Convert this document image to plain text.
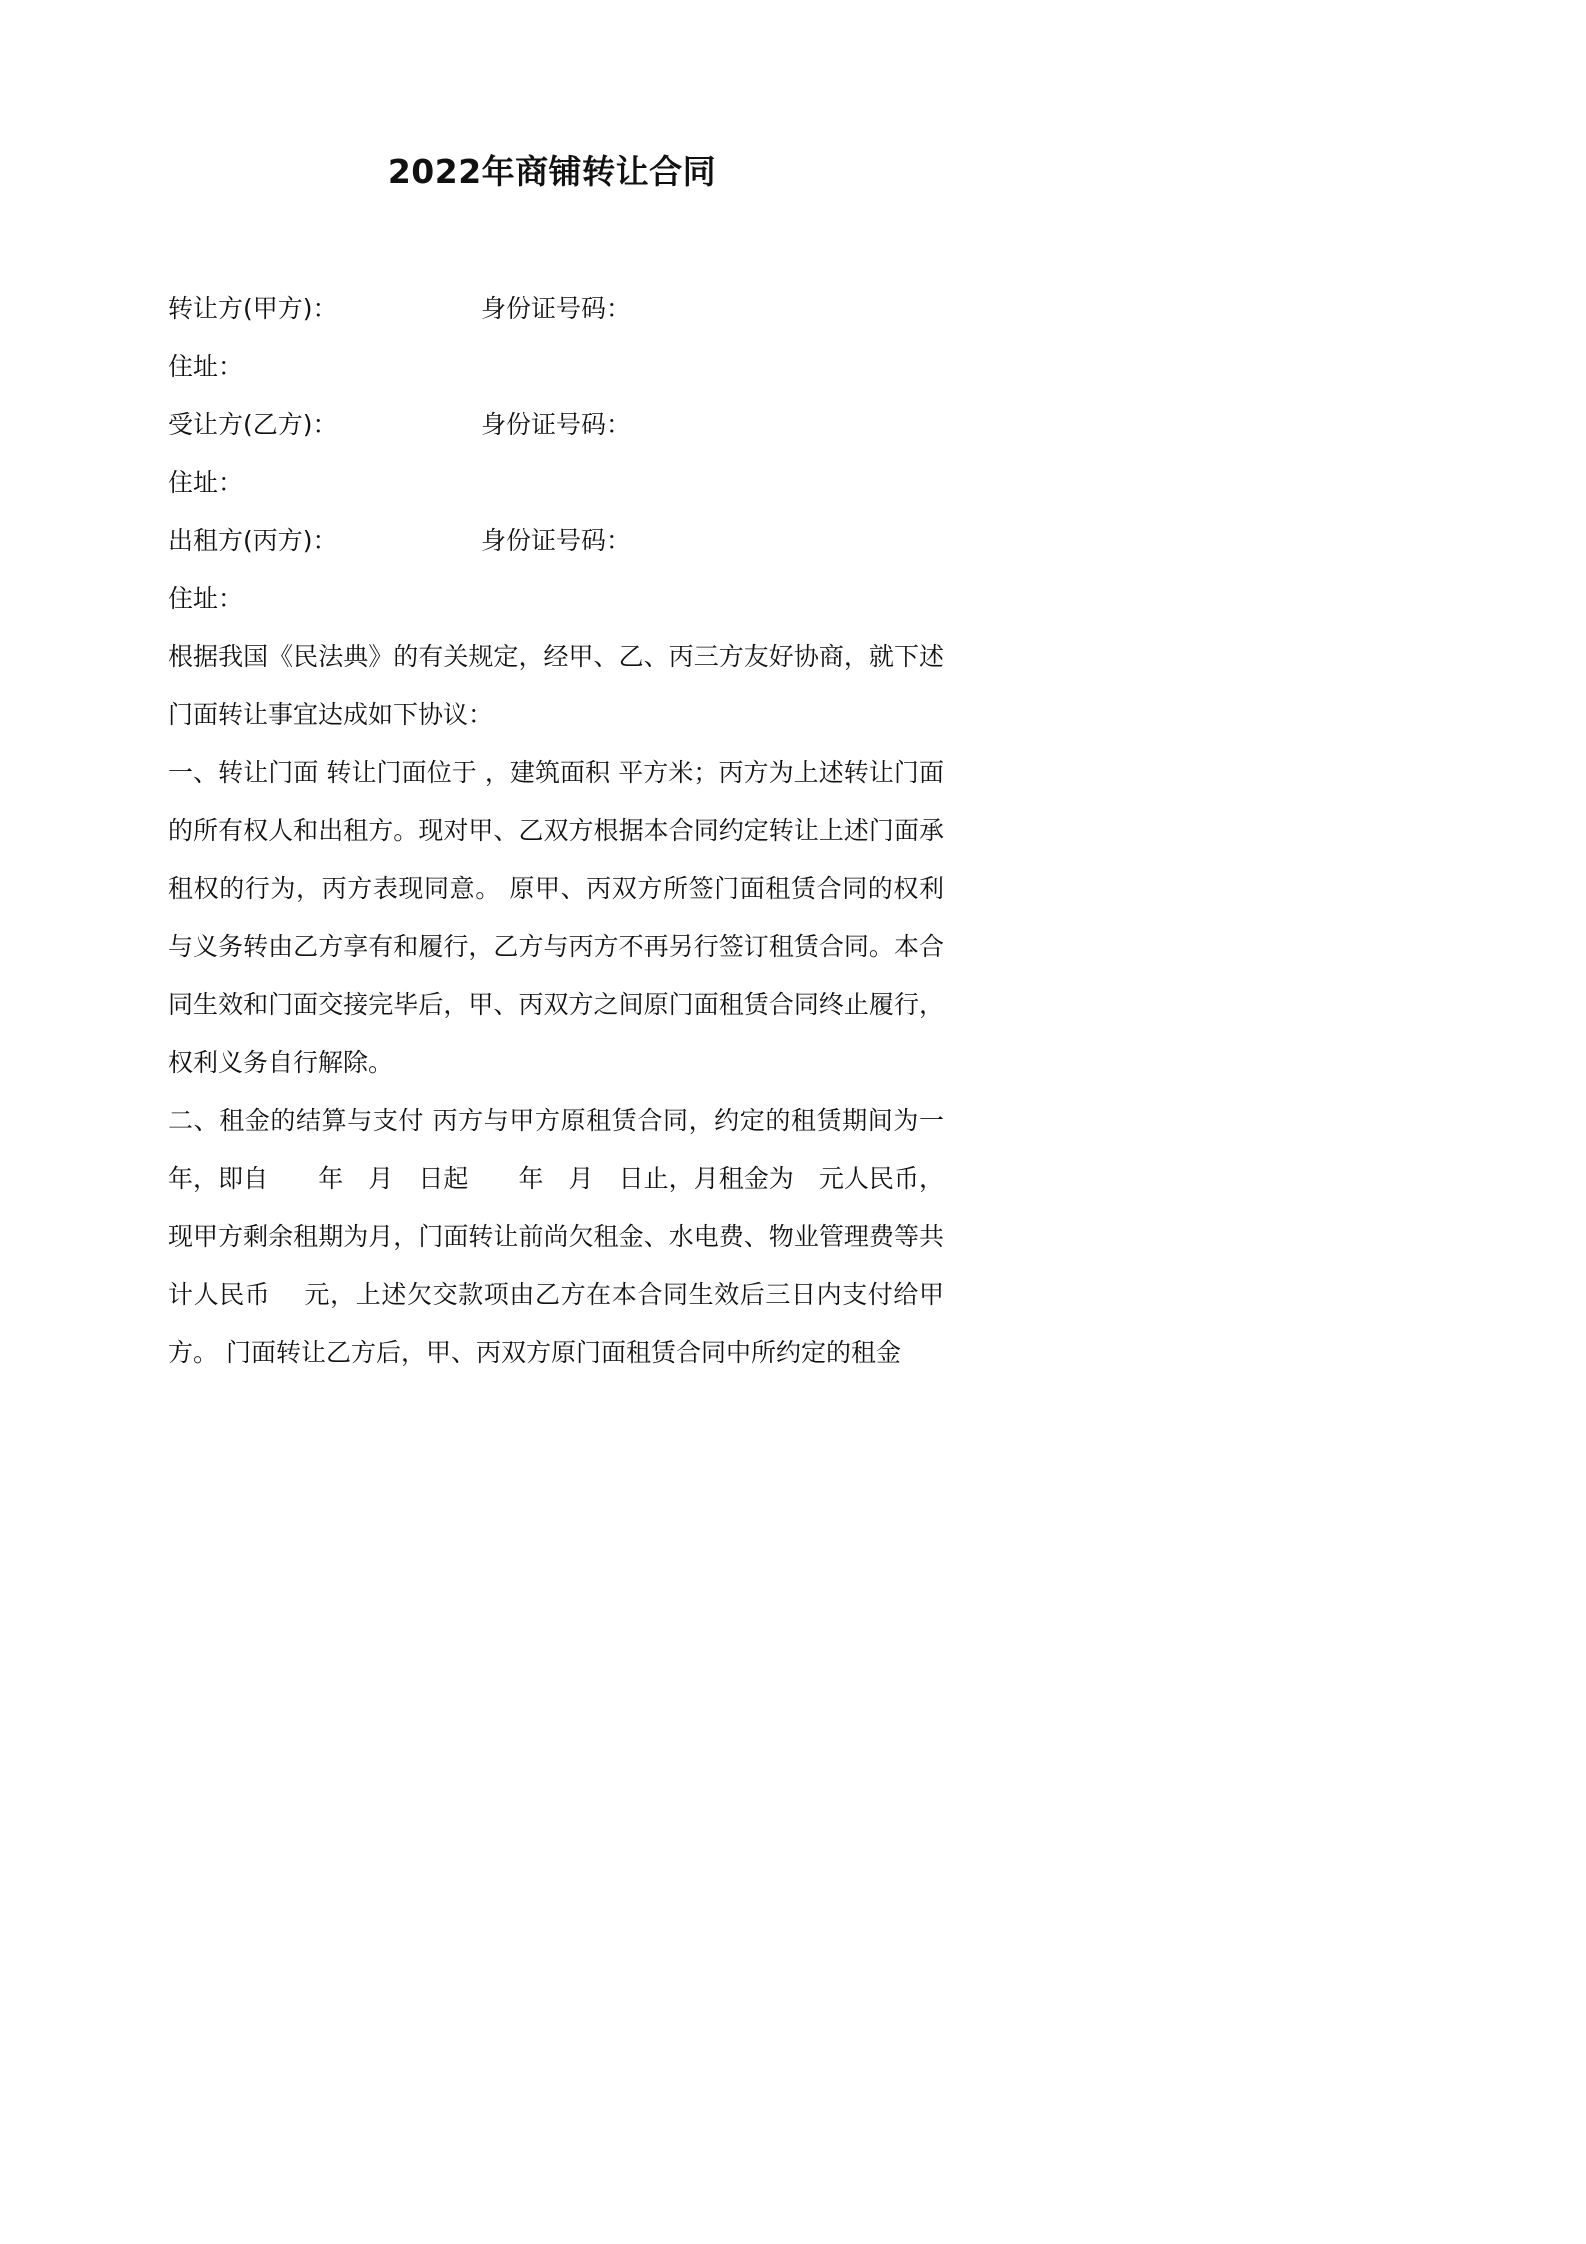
2022年商铺转让合同
转让方(甲方)：	身份证号码：
住址：
受让方(乙方)：	身份证号码：
住址：
出租方(丙方)：	身份证号码：
住址：

根据我国《民法典》的有关规定，经甲、乙、丙三方友好协商，就下述门面转让事宜达成如下协议：

一、转让门面 转让门面位于 ，建筑面积 平方米；丙方为上述转让门面的所有权人和出租方。现对甲、乙双方根据本合同约定转让上述门面承租权的行为，丙方表现同意。 原甲、丙双方所签门面租赁合同的权利与义务转由乙方享有和履行，乙方与丙方不再另行签订租赁合同。本合同生效和门面交接完毕后，甲、丙双方之间原门面租赁合同终止履行，权利义务自行解除。

二、租金的结算与支付 丙方与甲方原租赁合同，约定的租赁期间为一年，即自　　年　月　日起　　年　月　日止，月租金为　元人民币，现甲方剩余租期为月，门面转让前尚欠租金、水电费、物业管理费等共计人民币　 元，上述欠交款项由乙方在本合同生效后三日内支付给甲方。 门面转让乙方后，甲、丙双方原门面租赁合同中所约定的租金
